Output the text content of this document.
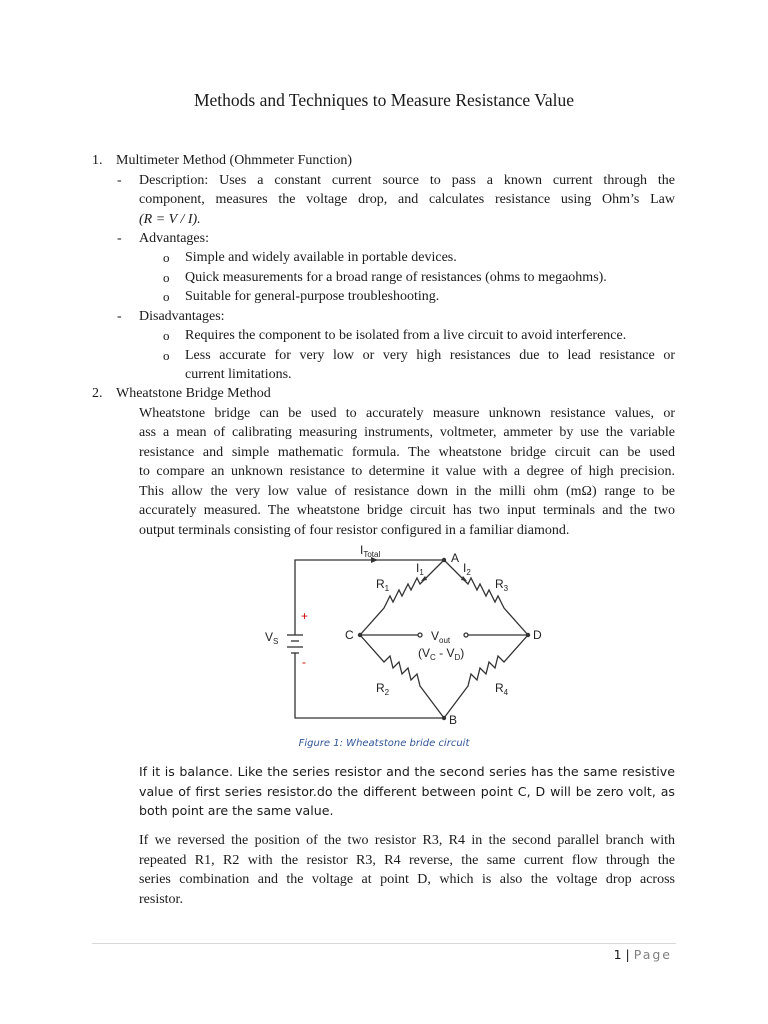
Methods and Techniques to Measure Resistance Value
1. Multimeter Method (Ohmmeter Function)
- Description: Uses a constant current source to pass a known current through the
component, measures the voltage drop, and calculates resistance using Ohm’s Law
(R = V / I).
- Advantages:
o Simple and widely available in portable devices.
o Quick measurements for a broad range of resistances (ohms to megaohms).
o Suitable for general-purpose troubleshooting.
- Disadvantages:
o Requires the component to be isolated from a live circuit to avoid interference.
o Less accurate for very low or very high resistances due to lead resistance or
current limitations.
2. Wheatstone Bridge Method
Wheatstone bridge can be used to accurately measure unknown resistance values, or
ass a mean of calibrating measuring instruments, voltmeter, ammeter by use the variable
resistance and simple mathematic formula. The wheatstone bridge circuit can be used
to compare an unknown resistance to determine it value with a degree of high precision.
This allow the very low value of resistance down in the milli ohm (mΩ) range to be
accurately measured. The wheatstone bridge circuit has two input terminals and the two
output terminals consisting of four resistor configured in a familiar diamond.
$I_{Total}$	A
B
C	D
$I_1$	$I_2$
$R_1$	$R_3$
$R_2$	$R_4$
$V_S$
+
-
$V_{out}$
$(V_C - V_D)$
Figure 1: Wheatstone bride circuit
If it is balance. Like the series resistor and the second series has the same resistive
value of first series resistor.do the different between point C, D will be zero volt, as
both point are the same value.
If we reversed the position of the two resistor R3, R4 in the second parallel branch with
repeated R1, R2 with the resistor R3, R4 reverse, the same current flow through the
series combination and the voltage at point D, which is also the voltage drop across
resistor.
1 | Page
